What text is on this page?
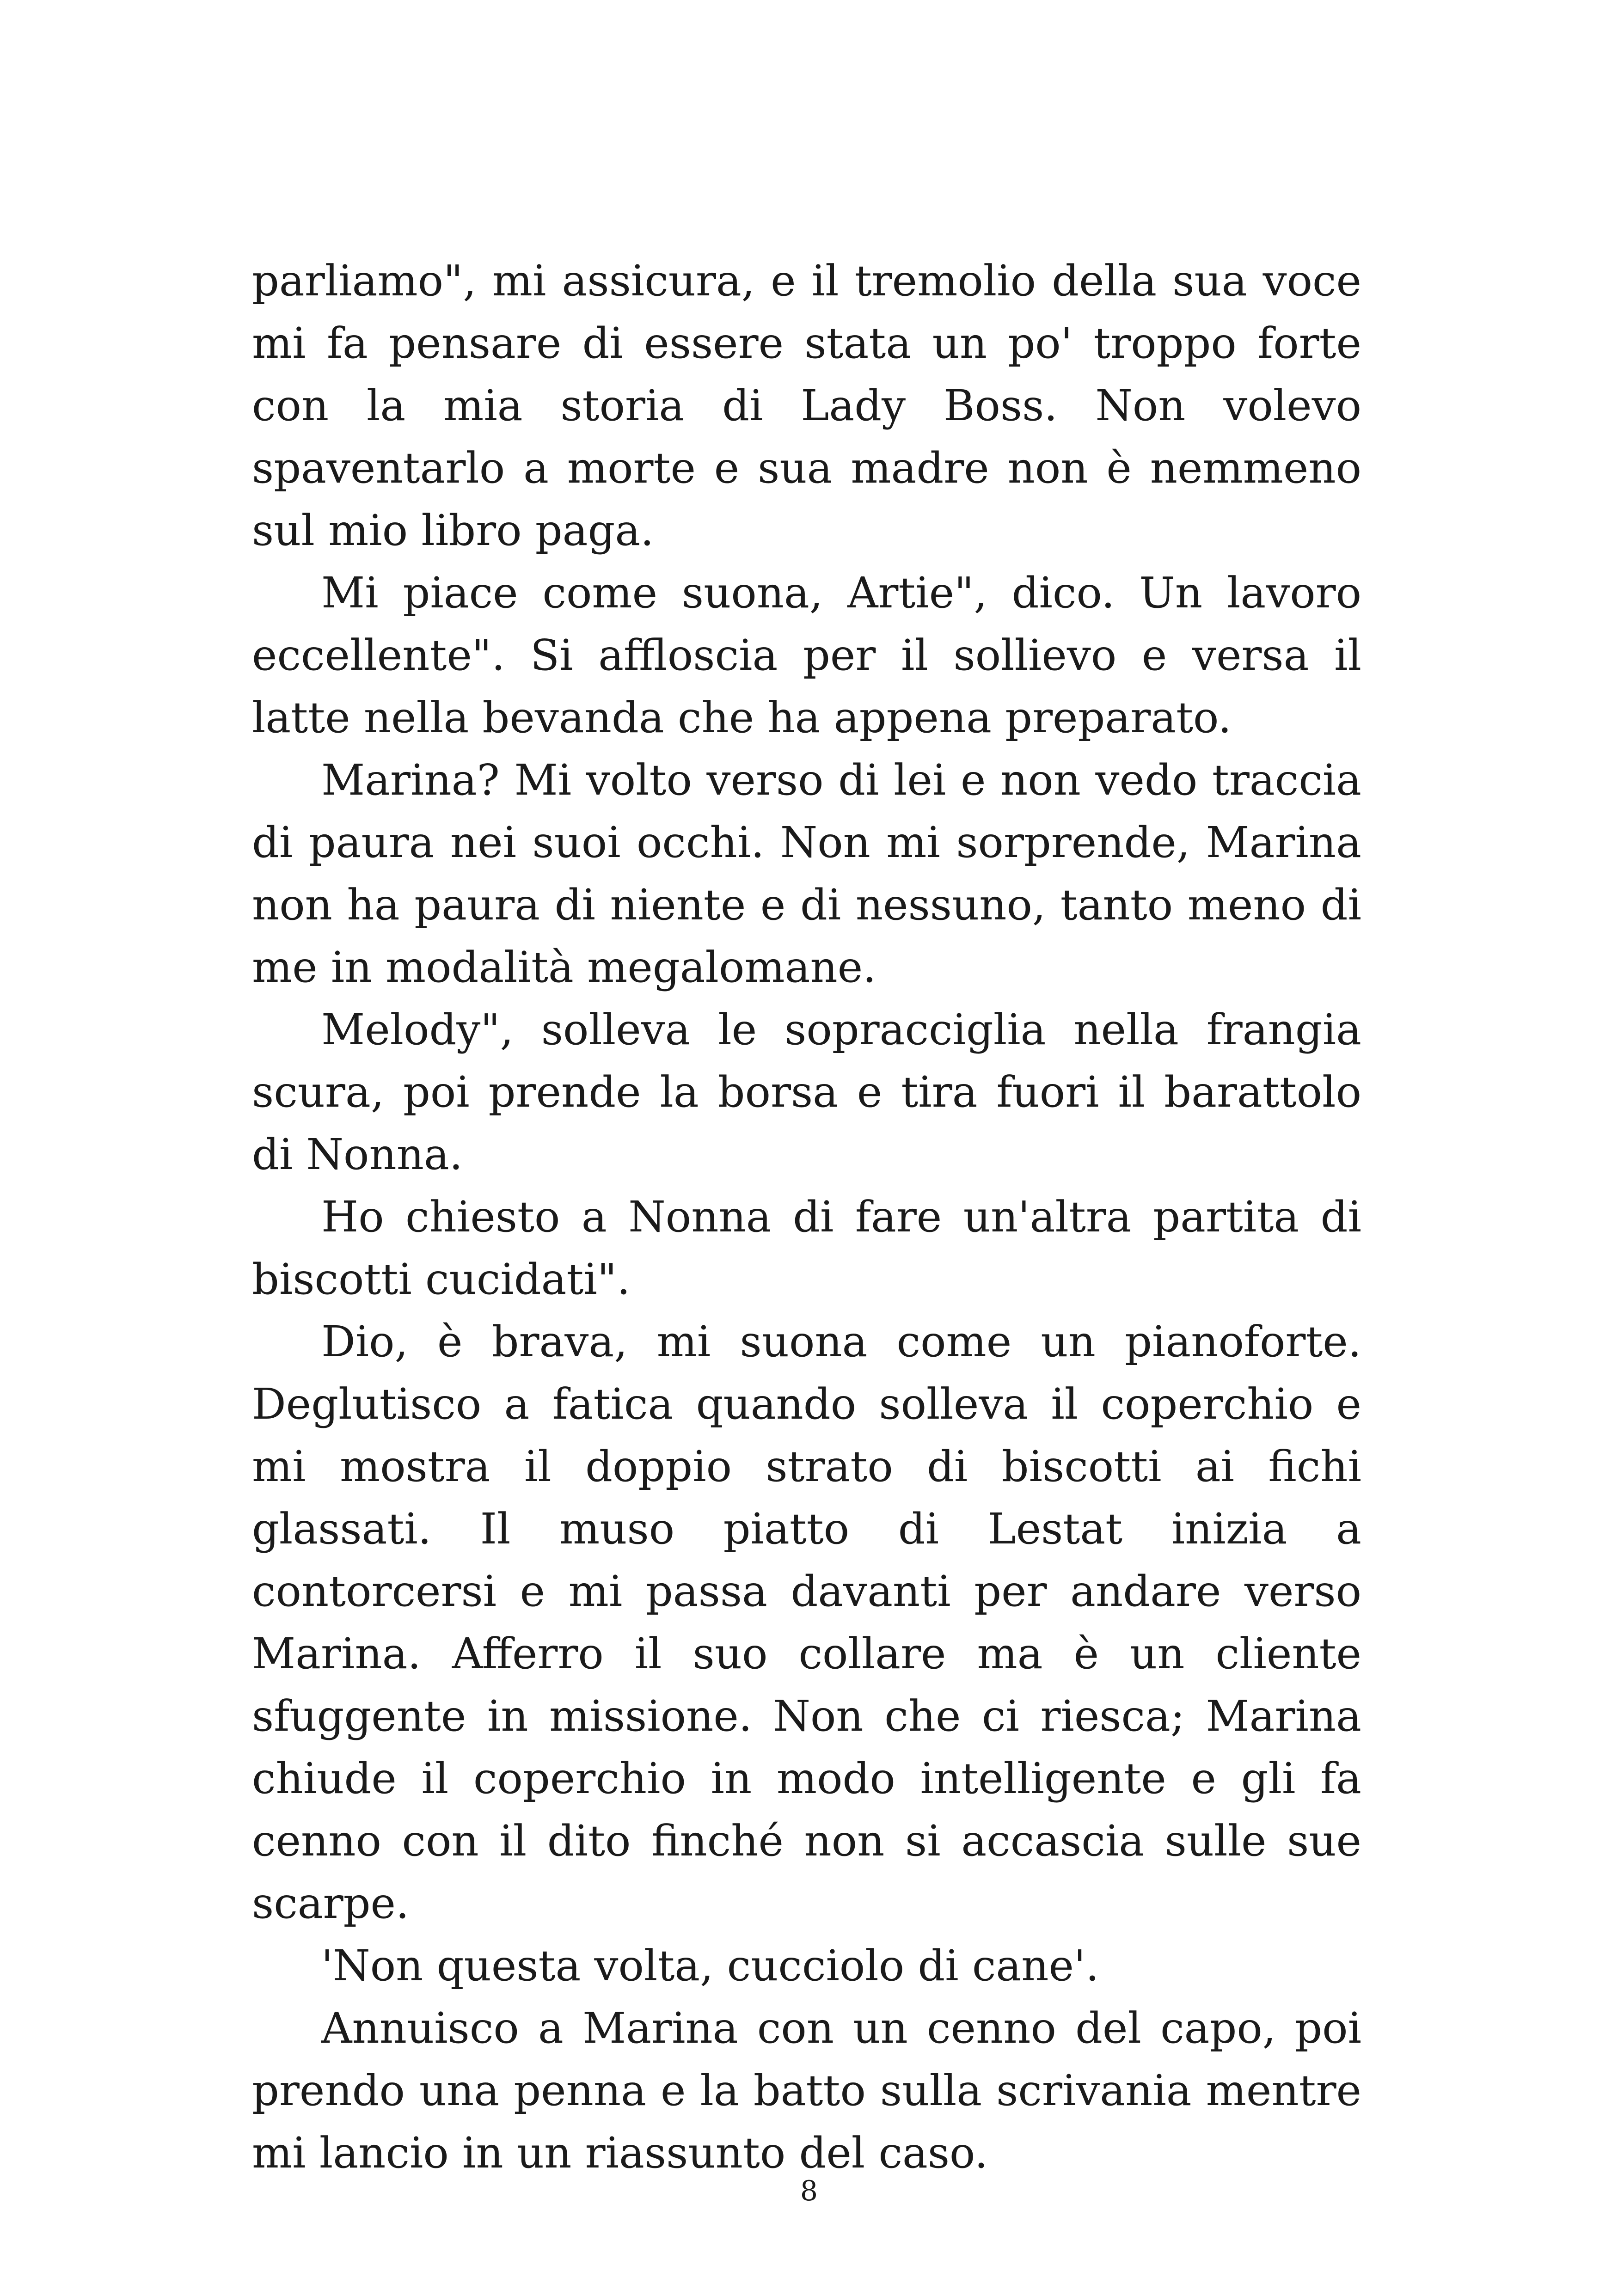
parliamo", mi assicura, e il tremolio della sua voce mi fa pensare di essere stata un po' troppo forte con la mia storia di Lady Boss. Non volevo spaventarlo a morte e sua madre non è nemmeno sul mio libro paga.

Mi piace come suona, Artie", dico. Un lavoro eccellente". Si affloscia per il sollievo e versa il latte nella bevanda che ha appena preparato.

Marina? Mi volto verso di lei e non vedo traccia di paura nei suoi occhi. Non mi sorprende, Marina non ha paura di niente e di nessuno, tanto meno di me in modalità megalomane.

Melody", solleva le sopracciglia nella frangia scura, poi prende la borsa e tira fuori il barattolo di Nonna.

Ho chiesto a Nonna di fare un'altra partita di biscotti cucidati".

Dio, è brava, mi suona come un pianoforte. Deglutisco a fatica quando solleva il coperchio e mi mostra il doppio strato di biscotti ai fichi glassati. Il muso piatto di Lestat inizia a contorcersi e mi passa davanti per andare verso Marina. Afferro il suo collare ma è un cliente sfuggente in missione. Non che ci riesca; Marina chiude il coperchio in modo intelligente e gli fa cenno con il dito finché non si accascia sulle sue scarpe.

'Non questa volta, cucciolo di cane'.

Annuisco a Marina con un cenno del capo, poi prendo una penna e la batto sulla scrivania mentre mi lancio in un riassunto del caso.

8
